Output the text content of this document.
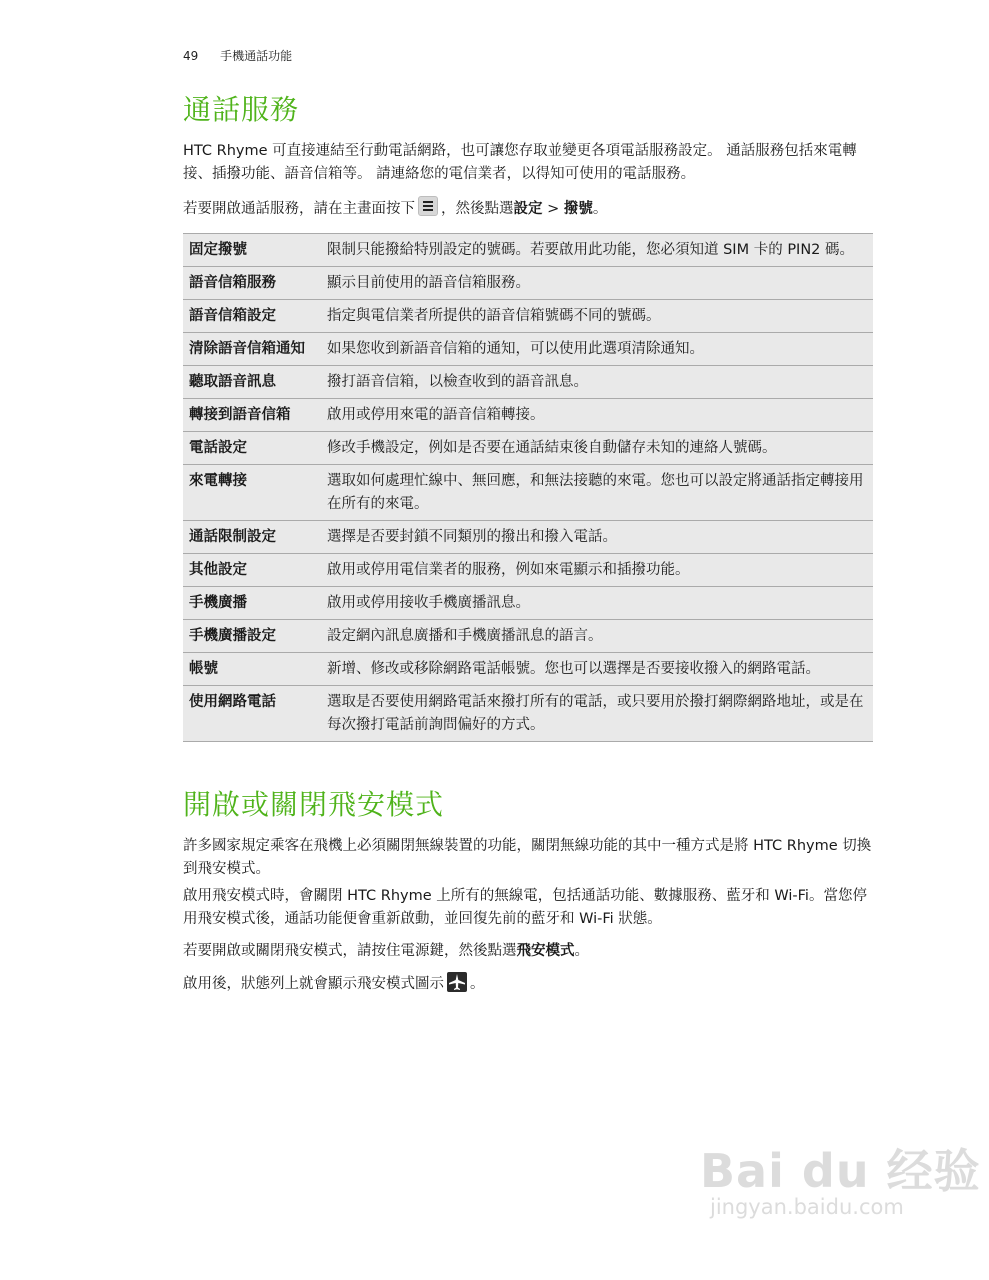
49 手機通話功能
通話服務

HTC Rhyme 可直接連結至行動電話網路，也可讓您存取並變更各項電話服務設定。 通話服務包括來電轉接、插撥功能、語音信箱等。 請連絡您的電信業者，以得知可使用的電話服務。

若要開啟通話服務，請在主畫面按下 ，然後點選設定 > 撥號。

固定撥號	限制只能撥給特別設定的號碼。若要啟用此功能，您必須知道 SIM 卡的 PIN2 碼。
語音信箱服務	顯示目前使用的語音信箱服務。
語音信箱設定	指定與電信業者所提供的語音信箱號碼不同的號碼。
清除語音信箱通知	如果您收到新語音信箱的通知，可以使用此選項清除通知。
聽取語音訊息	撥打語音信箱，以檢查收到的語音訊息。
轉接到語音信箱	啟用或停用來電的語音信箱轉接。
電話設定	修改手機設定，例如是否要在通話結束後自動儲存未知的連絡人號碼。
來電轉接	選取如何處理忙線中、無回應，和無法接聽的來電。您也可以設定將通話指定轉接用在所有的來電。
通話限制設定	選擇是否要封鎖不同類別的撥出和撥入電話。
其他設定	啟用或停用電信業者的服務，例如來電顯示和插撥功能。
手機廣播	啟用或停用接收手機廣播訊息。
手機廣播設定	設定網內訊息廣播和手機廣播訊息的語言。
帳號	新增、修改或移除網路電話帳號。您也可以選擇是否要接收撥入的網路電話。
使用網路電話	選取是否要使用網路電話來撥打所有的電話，或只要用於撥打網際網路地址，或是在每次撥打電話前詢問偏好的方式。
開啟或關閉飛安模式

許多國家規定乘客在飛機上必須關閉無線裝置的功能，關閉無線功能的其中一種方式是將 HTC Rhyme 切換到飛安模式。

啟用飛安模式時，會關閉 HTC Rhyme 上所有的無線電，包括通話功能、數據服務、藍牙和 Wi-Fi。當您停用飛安模式後，通話功能便會重新啟動，並回復先前的藍牙和 Wi-Fi 狀態。

若要開啟或關閉飛安模式，請按住電源鍵，然後點選飛安模式。

啟用後，狀態列上就會顯示飛安模式圖示 。

Bai du 经验
jingyan.baidu.com
